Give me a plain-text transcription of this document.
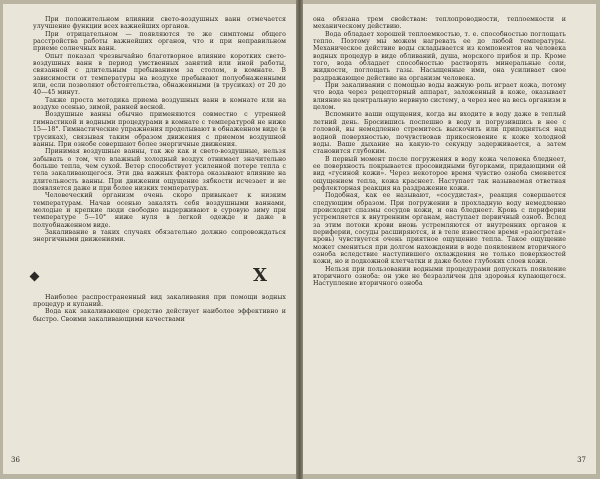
При положительном влиянии свето-воздушных ванн отмечается улучшение функции всех важнейших органов.

При отрицательном — появляются те же симптомы общего расстройства работы важнейших органов, что и при неправильном приеме солнечных ванн.

Опыт показал чрезвычайно благотворное влияние коротких свето-воздушных ванн в период умственных занятий или иной работы, связанной с длительным пребыванием за столом, в комнате. В зависимости от температуры на воздухе пребывают полуобнаженными или, если позволяют обстоятельства, обнаженными (в трусиках) от 20 до 40—45 минут.

Также проста методика приема воздушных ванн в комнате или на воздухе осенью, зимой, ранней весной.

Воздушные ванны обычно применяются совместно с утренней гимнастикой и водными процедурами в комнате с температурой не ниже 15—18°. Гимнастические упражнения проделывают в обнаженном виде (в трусиках), связывая таким образом движения с приемом воздушной ванны. При ознобе совершают более энергичные движения.

Принимая воздушные ванны, так же как и свето-воздушные, нельзя забывать о том, что влажный холодный воздух отнимает значительно больше тепла, чем сухой. Ветер способствует усиленной потере тепла с тела закаливающегося. Эти два важных фактора оказывают влияние на длительность ванны. При движении ощущение зябкости исчезает и не появляется даже и при более низких температурах.

Человеческий организм очень скоро привыкает к низким температурам. Начав осенью закалять себя воздушными ваннами, молодые и крепкие люди свободно выдерживают в суровую зиму при температуре 5—10° ниже нуля в легкой одежде и даже в полуобнаженном виде.

Закаливание в таких случаях обязательно должно сопровождаться энергичными движениями.

X

Наиболее распространенный вид закаливания при помощи водных процедур и купаний.

Вода как закаливающее средство действует наиболее эффективно и быстро. Своими закаливающими качествами

36

она обязана трем свойствам: теплопроводности, теплоемкости и механическому действию.

Вода обладает хорошей теплоемкостью, т. е. способностью поглощать тепло. Поэтому мы можем нагревать ее до любой температуры. Механическое действие воды складывается из компонентов на человека водных процедур в виде обливаний, душа, морского прибоя и пр. Кроме того, вода обладает способностью растворять минеральные соли, жидкости, поглощать газы. Насыщенные ими, она усиливает свое раздражающее действие на организм человека.

При закаливании с помощью воды важную роль играет кожа, потому что вода через рецепторный аппарат, заложенный в коже, оказывает влияние на центральную нервную систему, а через нее на весь организм в целом.

Вспомните ваши ощущения, когда вы входите в воду даже в теплый летний день. Бросившись поспешно в воду и погрузившись в нее с головой, вы немедленно стремитесь выскочить или приподняться над водной поверхностью, почувствовав прикосновение к коже холодной воды. Ваше дыхание на какую-то секунду задерживается, а затем становится глубоким.

В первый момент после погружения в воду кожа человека бледнеет, ее поверхность покрывается просовидными бугорками, придающими ей вид «гусиной кожи». Через некоторое время чувство озноба сменяется ощущением тепла, кожа краснеет. Наступает так называемая ответная рефлекторная реакция на раздражение кожи.

Подобная, как ее называют, «сосудистая», реакция совершается следующим образом. При погружении в прохладную воду немедленно происходят спазмы сосудов кожи, и она бледнеет. Кровь с периферии устремляется к внутренним органам, наступает первичный озноб. Вслед за этим потоки крови вновь устремляются от внутренних органов к периферии, сосуды расширяются, и в теле известное время «разогретая» кровь) чувствуется очень приятное ощущение тепла. Такое ощущение может смениться при долгом нахождении в воде появлением вторичного озноба вследствие наступившего охлаждения не только поверхностей кожи, но и подкожной клетчатки и даже более глубоких слоев кожи.

Нельзя при пользовании водными процедурами допускать появление вторичного озноба: он уже не безразличен для здоровья купающегося. Наступление вторичного озноба

37
